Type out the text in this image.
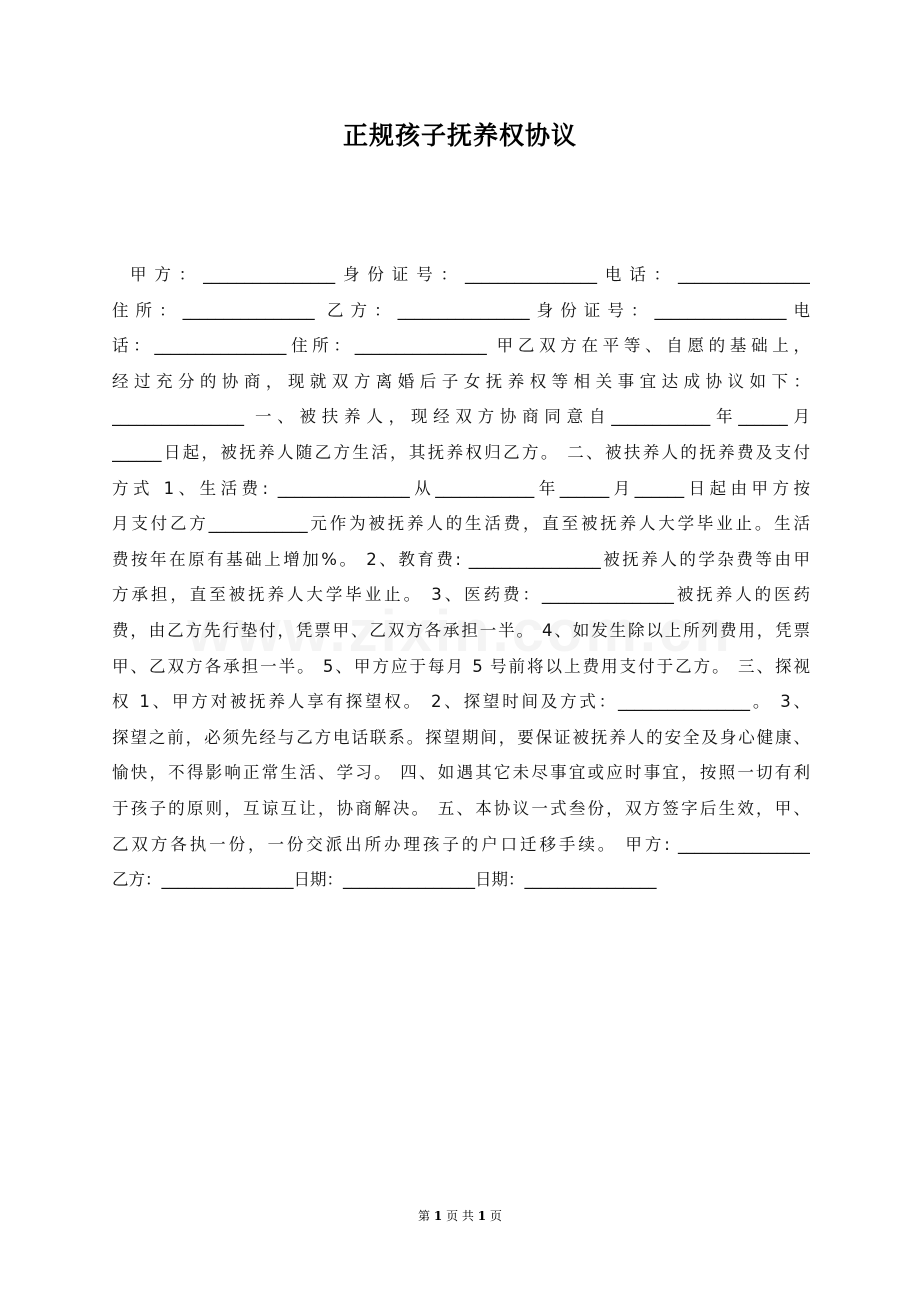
正规孩子抚养权协议
甲方：________________身份证号：________________电话：________________
住所：________________ 乙方：________________身份证号：________________电
话：________________住所：________________ 甲乙双方在平等、自愿的基础上，
经过充分的协商，现就双方离婚后子女抚养权等相关事宜达成协议如下：
________________ 一、被扶养人，现经双方协商同意自____________年______月
______日起，被抚养人随乙方生活，其抚养权归乙方。 二、被扶养人的抚养费及支付
方式 1、生活费: ________________从____________年______月______日起由甲方按
月支付乙方____________元作为被抚养人的生活费，直至被抚养人大学毕业止。生活
费按年在原有基础上增加%。 2、教育费: ________________被抚养人的学杂费等由甲
方承担，直至被抚养人大学毕业止。 3、医药费：________________被抚养人的医药
费，由乙方先行垫付，凭票甲、乙双方各承担一半。 4、如发生除以上所列费用，凭票
甲、乙双方各承担一半。 5、甲方应于每月 5 号前将以上费用支付于乙方。 三、探视
权 1、甲方对被抚养人享有探望权。 2、探望时间及方式：________________。 3、
探望之前，必须先经与乙方电话联系。探望期间，要保证被抚养人的安全及身心健康、
愉快，不得影响正常生活、学习。 四、如遇其它未尽事宜或应时事宜，按照一切有利
于孩子的原则，互谅互让，协商解决。 五、本协议一式叁份，双方签字后生效，甲、
乙双方各执一份，一份交派出所办理孩子的户口迁移手续。 甲方: ________________
乙方：________________日期：________________日期：________________
第 1 页 共 1 页
